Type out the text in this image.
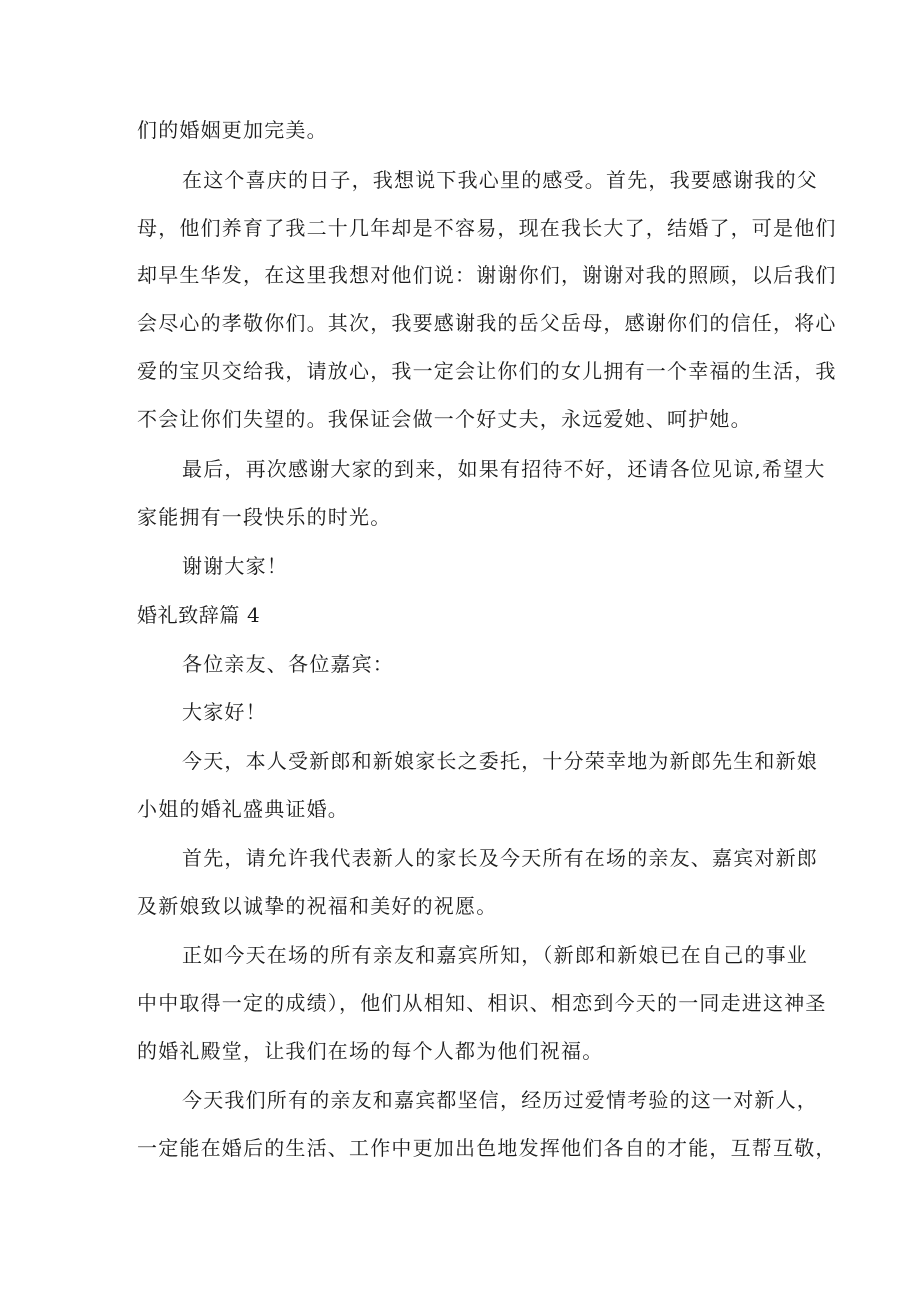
们的婚姻更加完美。
在这个喜庆的日子，我想说下我心里的感受。首先，我要感谢我的父
母，他们养育了我二十几年却是不容易，现在我长大了，结婚了，可是他们
却早生华发，在这里我想对他们说：谢谢你们，谢谢对我的照顾，以后我们
会尽心的孝敬你们。其次，我要感谢我的岳父岳母，感谢你们的信任，将心
爱的宝贝交给我，请放心，我一定会让你们的女儿拥有一个幸福的生活，我
不会让你们失望的。我保证会做一个好丈夫，永远爱她、呵护她。
最后，再次感谢大家的到来，如果有招待不好，还请各位见谅,希望大
家能拥有一段快乐的时光。
谢谢大家！
婚礼致辞篇 4
各位亲友、各位嘉宾：
大家好！
今天，本人受新郎和新娘家长之委托，十分荣幸地为新郎先生和新娘
小姐的婚礼盛典证婚。
首先，请允许我代表新人的家长及今天所有在场的亲友、嘉宾对新郎
及新娘致以诚挚的祝福和美好的祝愿。
正如今天在场的所有亲友和嘉宾所知，（新郎和新娘已在自己的事业
中中取得一定的成绩），他们从相知、相识、相恋到今天的一同走进这神圣
的婚礼殿堂，让我们在场的每个人都为他们祝福。
今天我们所有的亲友和嘉宾都坚信，经历过爱情考验的这一对新人，
一定能在婚后的生活、工作中更加出色地发挥他们各自的才能，互帮互敬，
